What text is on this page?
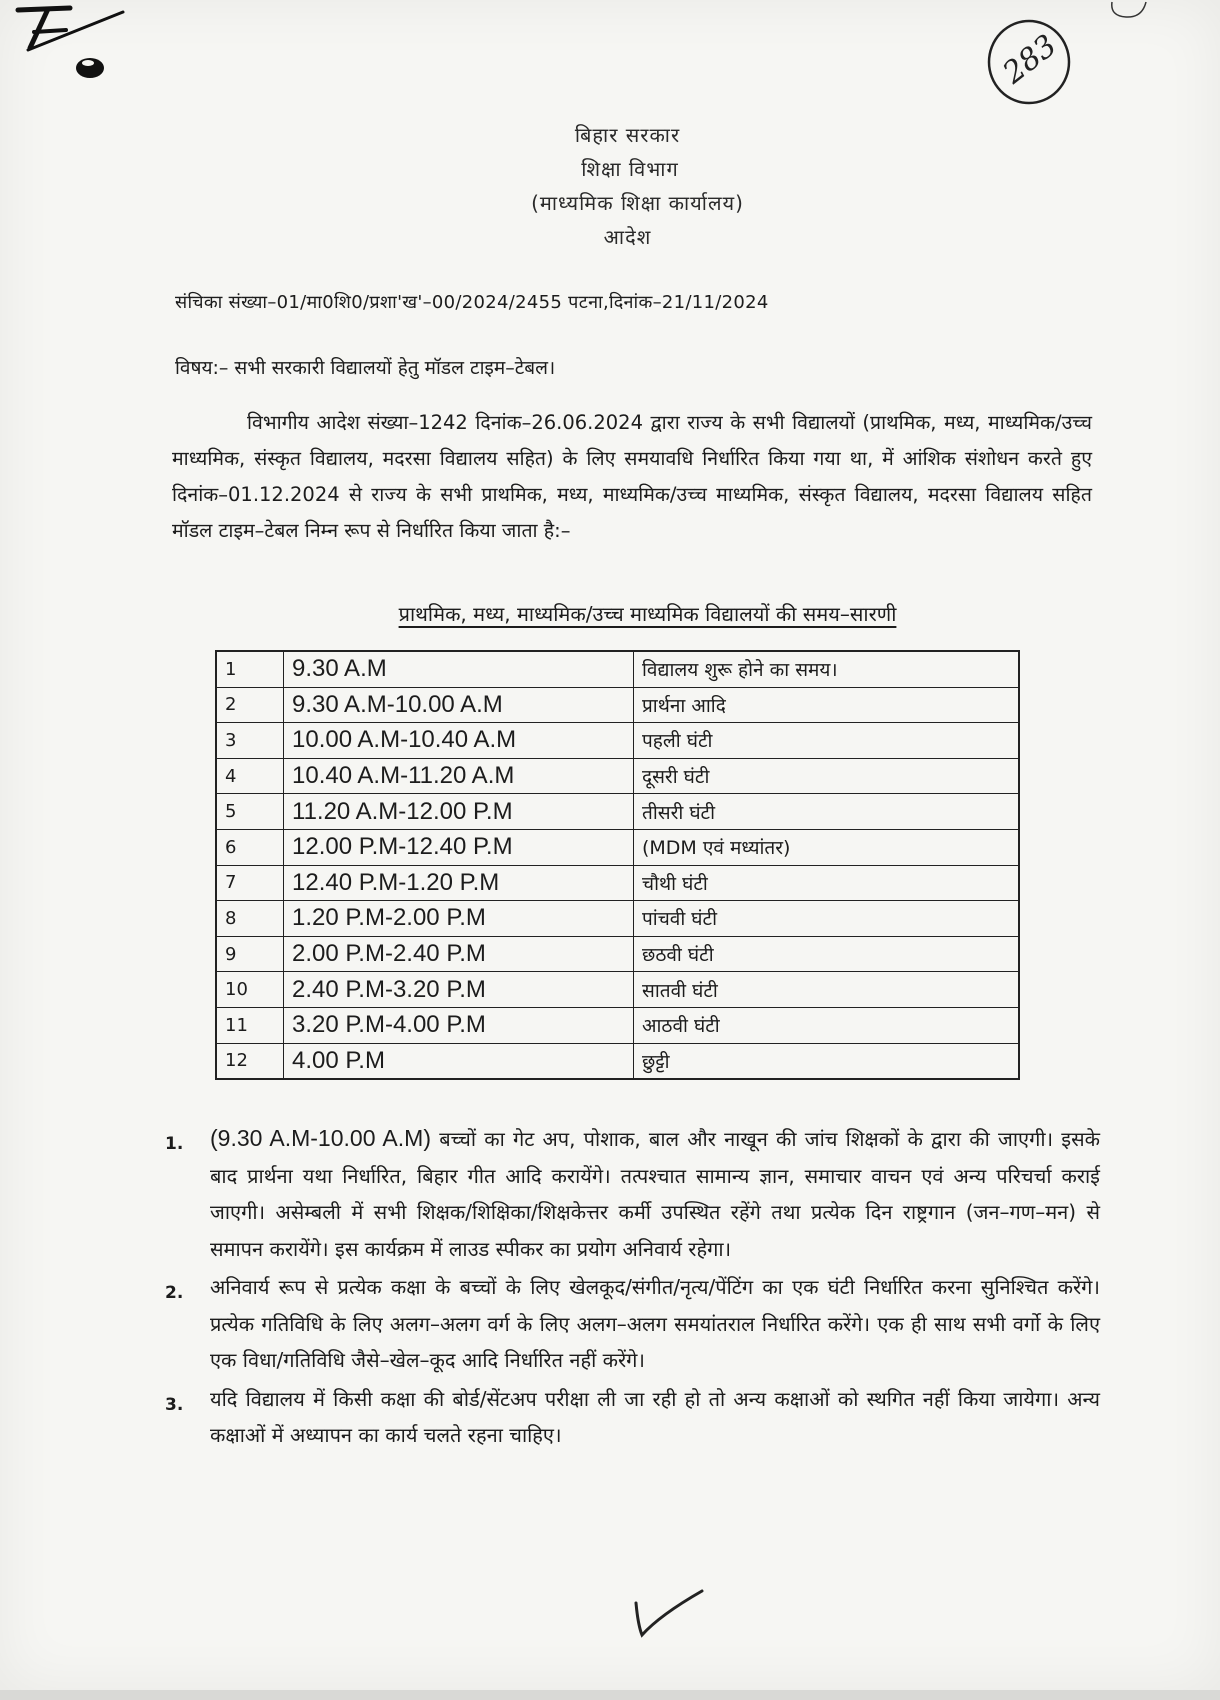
283
बिहार सरकार
शिक्षा विभाग
(माध्यमिक शिक्षा कार्यालय)
आदेश
संचिका संख्या–01/मा0शि0/प्रशा'ख'–00/2024/2455 पटना,दिनांक–21/11/2024
विषय:– सभी सरकारी विद्यालयों हेतु मॉडल टाइम–टेबल।
विभागीय आदेश संख्या–1242 दिनांक–26.06.2024 द्वारा राज्य के सभी विद्यालयों (प्राथमिक, मध्य, माध्यमिक/उच्च माध्यमिक, संस्कृत विद्यालय, मदरसा विद्यालय सहित) के लिए समयावधि निर्धारित किया गया था, में आंशिक संशोधन करते हुए दिनांक–01.12.2024 से राज्य के सभी प्राथमिक, मध्य, माध्यमिक/उच्च माध्यमिक, संस्कृत विद्यालय, मदरसा विद्यालय सहित मॉडल टाइम–टेबल निम्न रूप से निर्धारित किया जाता है:–
प्राथमिक, मध्य, माध्यमिक/उच्च माध्यमिक विद्यालयों की समय–सारणी
1	9.30 A.M	विद्यालय शुरू होने का समय।
2	9.30 A.M-10.00 A.M	प्रार्थना आदि
3	10.00 A.M-10.40 A.M	पहली घंटी
4	10.40 A.M-11.20 A.M	दूसरी घंटी
5	11.20 A.M-12.00 P.M	तीसरी घंटी
6	12.00 P.M-12.40 P.M	(MDM एवं मध्यांतर)
7	12.40 P.M-1.20 P.M	चौथी घंटी
8	1.20 P.M-2.00 P.M	पांचवी घंटी
9	2.00 P.M-2.40 P.M	छठवी घंटी
10	2.40 P.M-3.20 P.M	सातवी घंटी
11	3.20 P.M-4.00 P.M	आठवी घंटी
12	4.00 P.M	छुट्टी
1. (9.30 A.M-10.00 A.M) बच्चों का गेट अप, पोशाक, बाल और नाखून की जांच शिक्षकों के द्वारा की जाएगी। इसके बाद प्रार्थना यथा निर्धारित, बिहार गीत आदि करायेंगे। तत्पश्चात सामान्य ज्ञान, समाचार वाचन एवं अन्य परिचर्चा कराई जाएगी। असेम्बली में सभी शिक्षक/शिक्षिका/शिक्षकेत्तर कर्मी उपस्थित रहेंगे तथा प्रत्येक दिन राष्ट्रगान (जन–गण–मन) से समापन करायेंगे। इस कार्यक्रम में लाउड स्पीकर का प्रयोग अनिवार्य रहेगा।
2. अनिवार्य रूप से प्रत्येक कक्षा के बच्चों के लिए खेलकूद/संगीत/नृत्य/पेंटिंग का एक घंटी निर्धारित करना सुनिश्चित करेंगे। प्रत्येक गतिविधि के लिए अलग–अलग वर्ग के लिए अलग–अलग समयांतराल निर्धारित करेंगे। एक ही साथ सभी वर्गो के लिए एक विधा/गतिविधि जैसे–खेल–कूद आदि निर्धारित नहीं करेंगे।
3. यदि विद्यालय में किसी कक्षा की बोर्ड/सेंटअप परीक्षा ली जा रही हो तो अन्य कक्षाओं को स्थगित नहीं किया जायेगा। अन्य कक्षाओं में अध्यापन का कार्य चलते रहना चाहिए।
